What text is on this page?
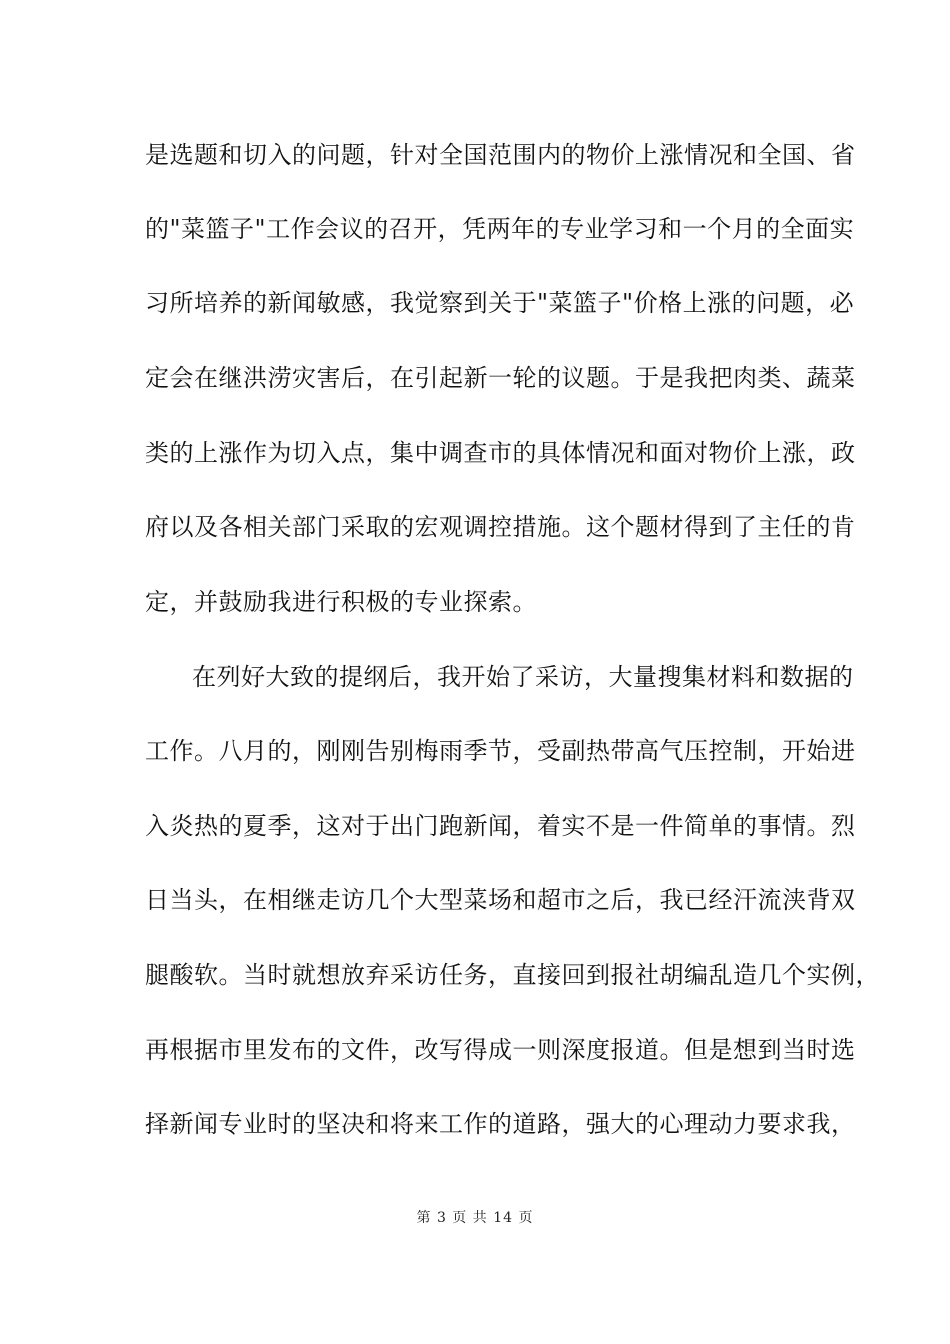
是选题和切入的问题，针对全国范围内的物价上涨情况和全国、省
的"菜篮子"工作会议的召开，凭两年的专业学习和一个月的全面实
习所培养的新闻敏感，我觉察到关于"菜篮子"价格上涨的问题，必
定会在继洪涝灾害后，在引起新一轮的议题。于是我把肉类、蔬菜
类的上涨作为切入点，集中调查市的具体情况和面对物价上涨，政
府以及各相关部门采取的宏观调控措施。这个题材得到了主任的肯
定，并鼓励我进行积极的专业探索。
在列好大致的提纲后，我开始了采访，大量搜集材料和数据的
工作。八月的，刚刚告别梅雨季节，受副热带高气压控制，开始进
入炎热的夏季，这对于出门跑新闻，着实不是一件简单的事情。烈
日当头，在相继走访几个大型菜场和超市之后，我已经汗流浃背双
腿酸软。当时就想放弃采访任务，直接回到报社胡编乱造几个实例，
再根据市里发布的文件，改写得成一则深度报道。但是想到当时选
择新闻专业时的坚决和将来工作的道路，强大的心理动力要求我，
第 3 页 共 14 页
